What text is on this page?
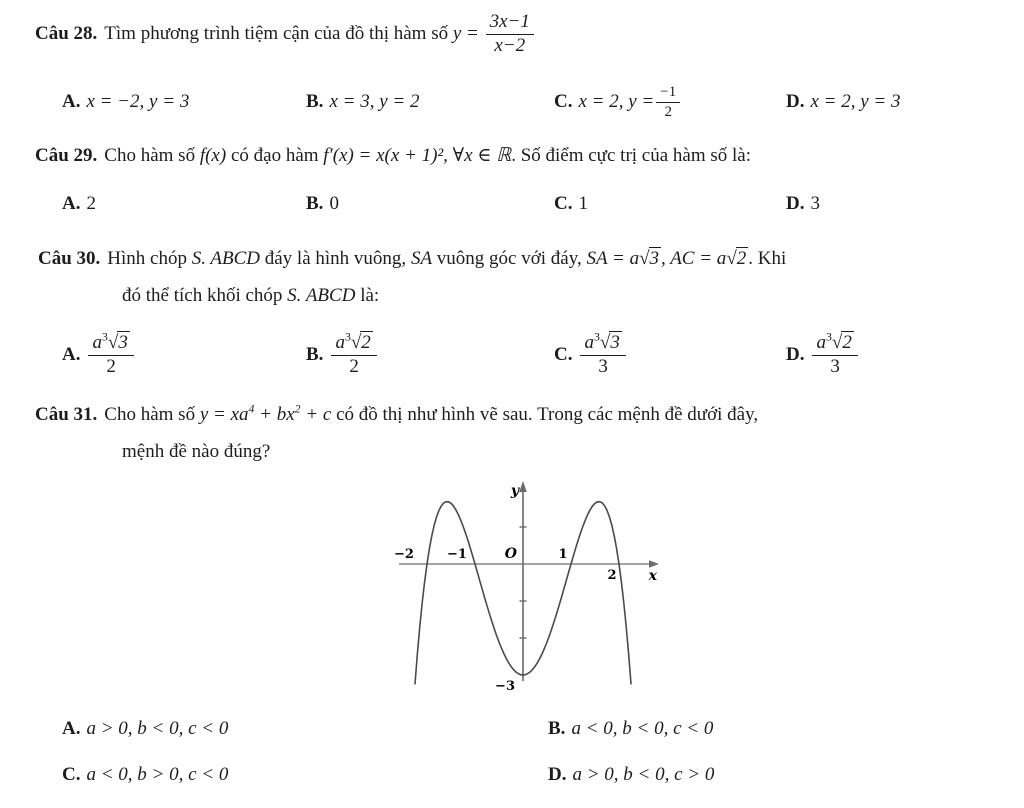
Câu 28. Tìm phương trình tiệm cận của đồ thị hàm số $y = \frac{3x-1}{x-2}$
A. x = −2, y = 3	B. x = 3, y = 2	C. x = 2, $y = \frac{-1}{2}$	D. x = 2, y = 3
Câu 29. Cho hàm số f(x) có đạo hàm f′(x) = x(x + 1)², ∀x ∈ ℝ. Số điểm cực trị của hàm số là:
A. 2	B. 0	C. 1	D. 3
Câu 30. Hình chóp S. ABCD đáy là hình vuông, SA vuông góc với đáy, SA = a√3 , AC = a√2 . Khi
đó thể tích khối chóp S. ABCD là:
A. $\frac{a^3√3}{2}$	B. $\frac{a^3√2}{2}$	C. $\frac{a^3√3}{3}$	D. $\frac{a^3√2}{3}$
Câu 31. Cho hàm số $y = xa^4 + bx^2 + c$ có đồ thị như hình vẽ sau. Trong các mệnh đề dưới đây,
mệnh đề nào đúng?
y
x
O
−2	−1	1
2
−3
A. a > 0, b < 0, c < 0	B. a < 0, b < 0, c < 0
C. a < 0, b > 0, c < 0	D. a > 0, b < 0, c > 0
